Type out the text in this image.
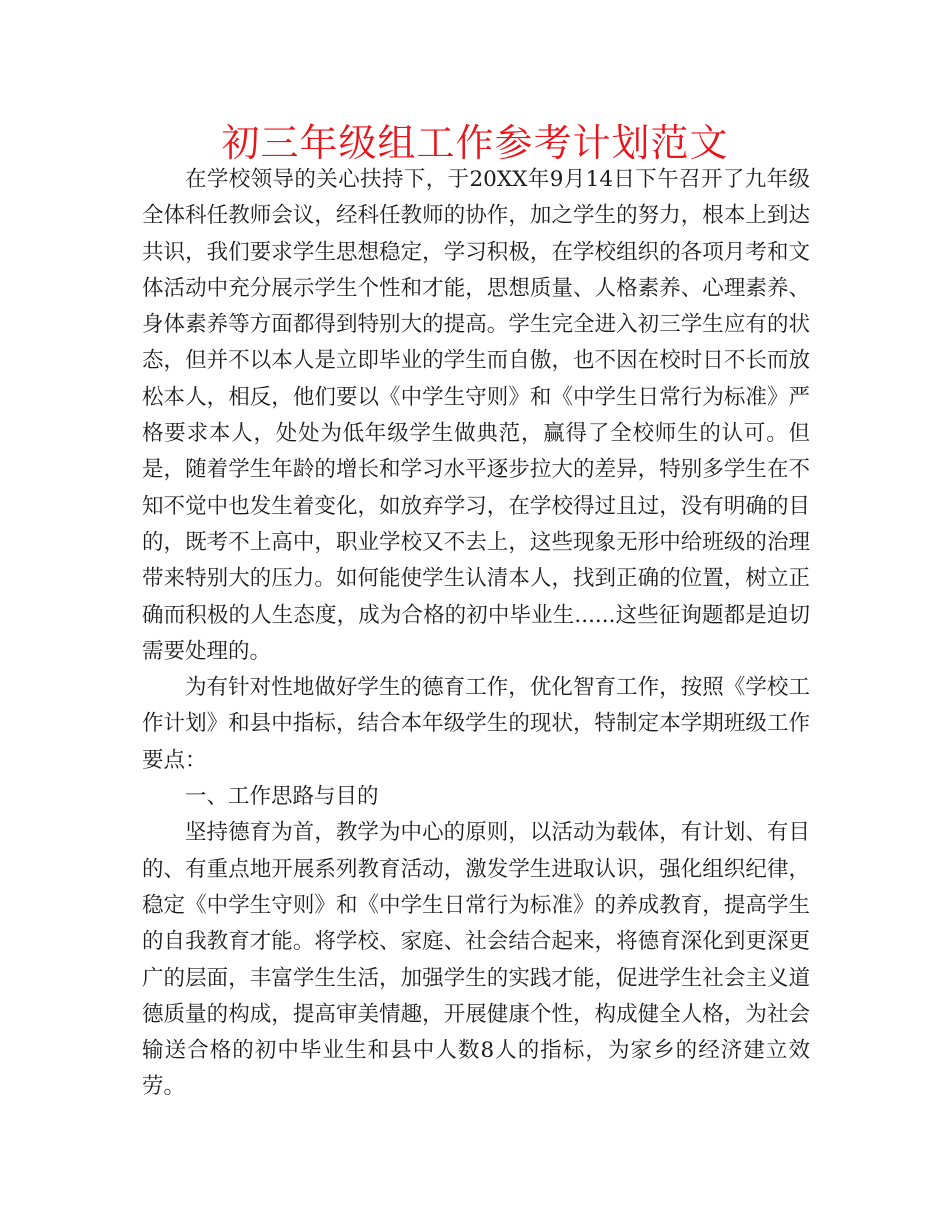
初三年级组工作参考计划范文

在学校领导的关心扶持下，于20XX年9月14日下午召开了九年级全体科任教师会议，经科任教师的协作，加之学生的努力，根本上到达共识，我们要求学生思想稳定，学习积极，在学校组织的各项月考和文体活动中充分展示学生个性和才能，思想质量、人格素养、心理素养、身体素养等方面都得到特别大的提高。学生完全进入初三学生应有的状态，但并不以本人是立即毕业的学生而自傲，也不因在校时日不长而放松本人，相反，他们要以《中学生守则》和《中学生日常行为标准》严格要求本人，处处为低年级学生做典范，赢得了全校师生的认可。但是，随着学生年龄的增长和学习水平逐步拉大的差异，特别多学生在不知不觉中也发生着变化，如放弃学习，在学校得过且过，没有明确的目的，既考不上高中，职业学校又不去上，这些现象无形中给班级的治理带来特别大的压力。如何能使学生认清本人，找到正确的位置，树立正确而积极的人生态度，成为合格的初中毕业生......这些征询题都是迫切需要处理的。

为有针对性地做好学生的德育工作，优化智育工作，按照《学校工作计划》和县中指标，结合本年级学生的现状，特制定本学期班级工作要点：

一、工作思路与目的

坚持德育为首，教学为中心的原则，以活动为载体，有计划、有目的、有重点地开展系列教育活动，激发学生进取认识，强化组织纪律，稳定《中学生守则》和《中学生日常行为标准》的养成教育，提高学生的自我教育才能。将学校、家庭、社会结合起来，将德育深化到更深更广的层面，丰富学生生活，加强学生的实践才能，促进学生社会主义道德质量的构成，提高审美情趣，开展健康个性，构成健全人格，为社会输送合格的初中毕业生和县中人数8人的指标，为家乡的经济建立效劳。
